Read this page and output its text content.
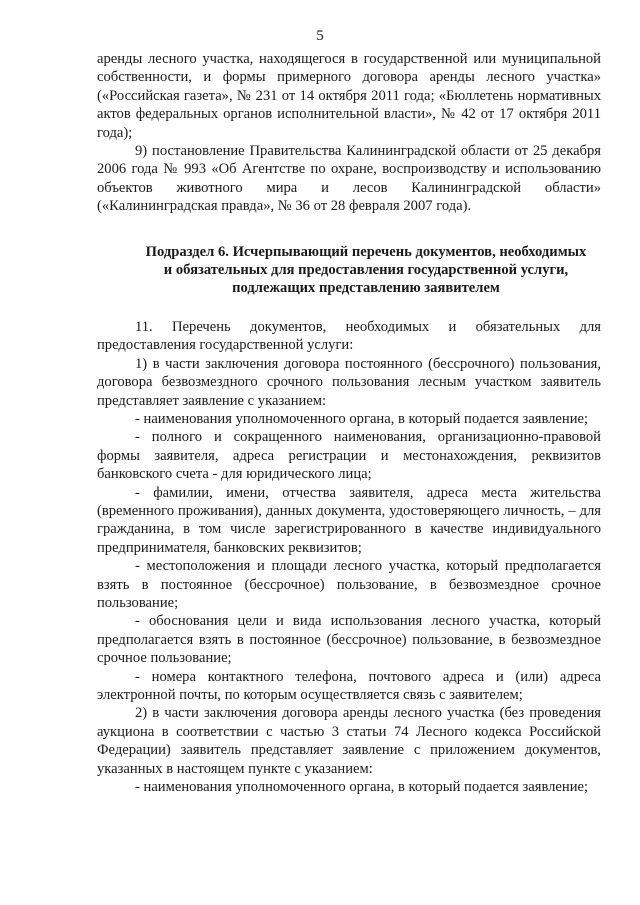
5

аренды лесного участка, находящегося в государственной или муниципальной собственности, и формы примерного договора аренды лесного участка» («Российская газета», № 231 от 14 октября 2011 года; «Бюллетень нормативных актов федеральных органов исполнительной власти», № 42 от 17 октября 2011 года);

9) постановление Правительства Калининградской области от 25 декабря 2006 года № 993 «Об Агентстве по охране, воспроизводству и использованию объектов животного мира и лесов Калининградской области» («Калининградская правда», № 36 от 28 февраля 2007 года).

Подраздел 6. Исчерпывающий перечень документов, необходимых
и обязательных для предоставления государственной услуги,
подлежащих представлению заявителем

11. Перечень документов, необходимых и обязательных для предоставления государственной услуги:

1) в части заключения договора постоянного (бессрочного) пользования, договора безвозмездного срочного пользования лесным участком заявитель представляет заявление с указанием:

- наименования уполномоченного органа, в который подается заявление;

- полного и сокращенного наименования, организационно-правовой формы заявителя, адреса регистрации и местонахождения, реквизитов банковского счета - для юридического лица;

- фамилии, имени, отчества заявителя, адреса места жительства (временного проживания), данных документа, удостоверяющего личность, – для гражданина, в том числе зарегистрированного в качестве индивидуального предпринимателя, банковских реквизитов;

- местоположения и площади лесного участка, который предполагается взять в постоянное (бессрочное) пользование, в безвозмездное срочное пользование;

- обоснования цели и вида использования лесного участка, который предполагается взять в постоянное (бессрочное) пользование, в безвозмездное срочное пользование;

- номера контактного телефона, почтового адреса и (или) адреса электронной почты, по которым осуществляется связь с заявителем;

2) в части заключения договора аренды лесного участка (без проведения аукциона в соответствии с частью 3 статьи 74 Лесного кодекса Российской Федерации) заявитель представляет заявление с приложением документов, указанных в настоящем пункте с указанием:

- наименования уполномоченного органа, в который подается заявление;
